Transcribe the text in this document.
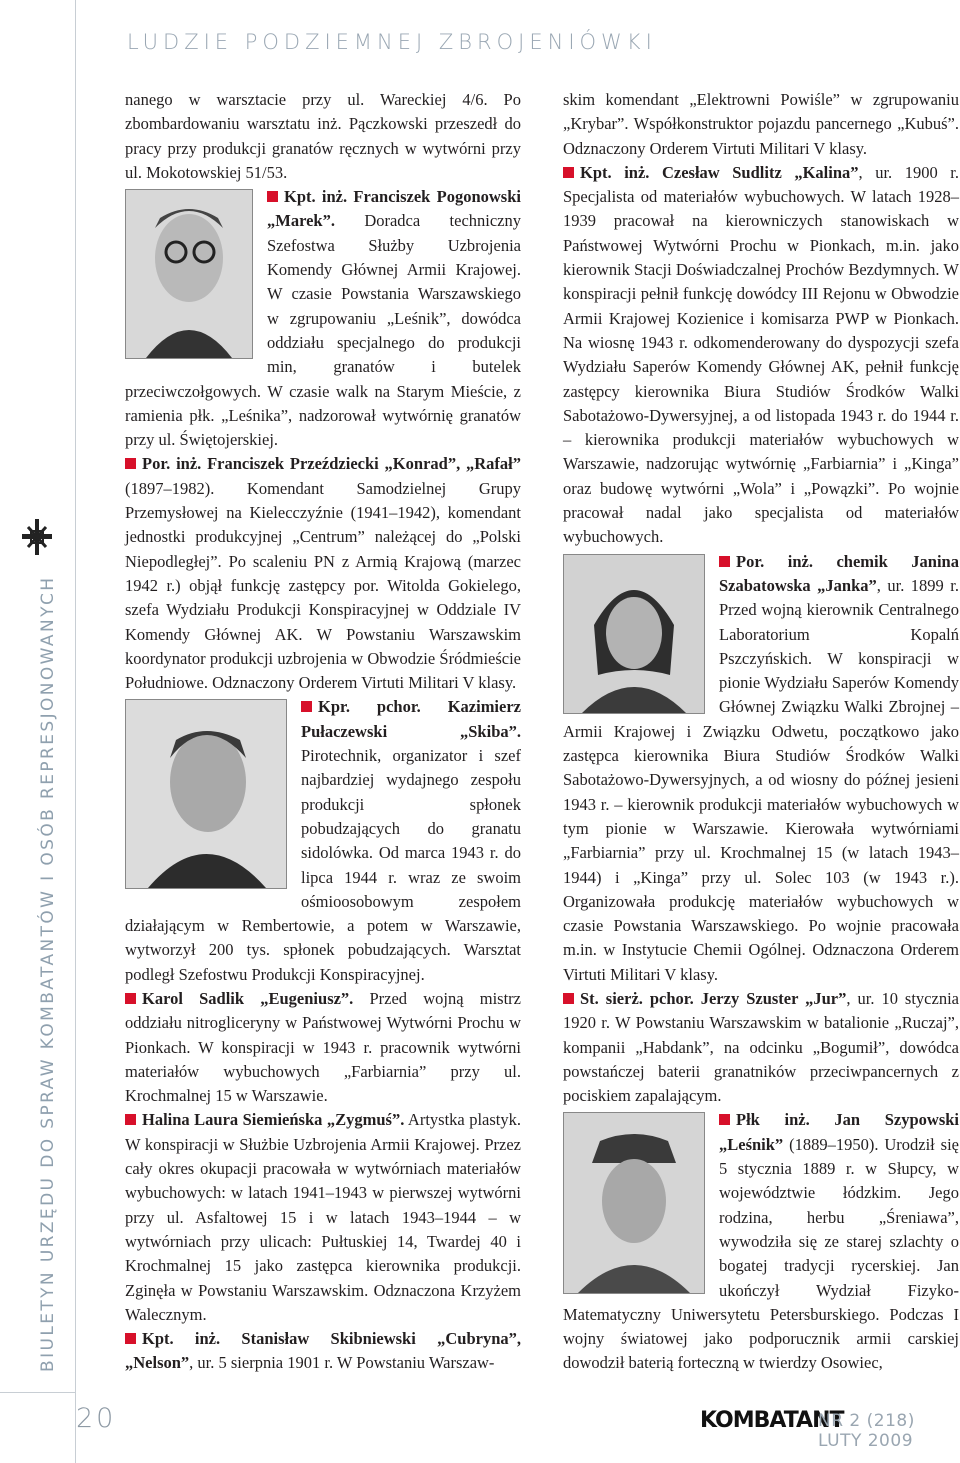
LUDZIE PODZIEMNEJ ZBROJENIÓWKI
BIULETYN URZĘDU DO SPRAW KOMBATANTÓW I OSÓB REPRESJONOWANYCH
20

nanego w warsztacie przy ul. Wareckiej 4/6. Po zbombardowaniu warsztatu inż. Pączkowski przeszedł do pracy przy produkcji granatów ręcznych w wytwórni przy ul. Mokotowskiej 51/53.

Kpt. inż. Franciszek Pogonowski „Marek”. Doradca techniczny Szefostwa Służby Uzbrojenia Komendy Głównej Armii Krajowej. W czasie Powstania Warszawskiego w zgrupowaniu „Leśnik”, dowódca oddziału specjalnego do produkcji min, granatów i butelek przeciwczołgowych. W czasie walk na Starym Mieście, z ramienia płk. „Leśnika”, nadzorował wytwórnię granatów przy ul. Świętojerskiej.

Por. inż. Franciszek Przeździecki „Konrad”, „Rafał” (1897–1982). Komendant Samodzielnej Grupy Przemysłowej na Kielecczyźnie (1941–1942), komendant jednostki produkcyjnej „Centrum” należącej do „Polski Niepodległej”. Po scaleniu PN z Armią Krajową (marzec 1942 r.) objął funkcję zastępcy por. Witolda Gokielego, szefa Wydziału Produkcji Konspiracyjnej w Oddziale IV Komendy Głównej AK. W Powstaniu Warszawskim koordynator produkcji uzbrojenia w Obwodzie Śródmieście Południowe. Odznaczony Orderem Virtuti Militari V klasy.

Kpr. pchor. Kazimierz Pułaczewski „Skiba”. Pirotechnik, organizator i szef najbardziej wydajnego zespołu produkcji spłonek pobudzających do granatu sidolówka. Od marca 1943 r. do lipca 1944 r. wraz ze swoim ośmioosobowym zespołem działającym w Rembertowie, a potem w Warszawie, wytworzył 200 tys. spłonek pobudzających. Warsztat podległ Szefostwu Produkcji Konspiracyjnej.

Karol Sadlik „Eugeniusz”. Przed wojną mistrz oddziału nitrogliceryny w Państwowej Wytwórni Prochu w Pionkach. W konspiracji w 1943 r. pracownik wytwórni materiałów wybuchowych „Farbiarnia” przy ul. Krochmalnej 15 w Warszawie.

Halina Laura Siemieńska „Zygmuś”. Artystka plastyk. W konspiracji w Służbie Uzbrojenia Armii Krajowej. Przez cały okres okupacji pracowała w wytwórniach materiałów wybuchowych: w latach 1941–1943 w pierwszej wytwórni przy ul. Asfaltowej 15 i w latach 1943–1944 – w wytwórniach przy ulicach: Pułtuskiej 14, Twardej 40 i Krochmalnej 15 jako zastępca kierownika produkcji. Zginęła w Powstaniu Warszawskim. Odznaczona Krzyżem Walecznym.

Kpt. inż. Stanisław Skibniewski „Cubryna”, „Nelson”, ur. 5 sierpnia 1901 r. W Powstaniu Warszaw-

skim komendant „Elektrowni Powiśle” w zgrupowaniu „Krybar”. Współkonstruktor pojazdu pancernego „Kubuś”. Odznaczony Orderem Virtuti Militari V klasy.

Kpt. inż. Czesław Sudlitz „Kalina”, ur. 1900 r. Specjalista od materiałów wybuchowych. W latach 1928–1939 pracował na kierowniczych stanowiskach w Państwowej Wytwórni Prochu w Pionkach, m.in. jako kierownik Stacji Doświadczalnej Prochów Bezdymnych. W konspiracji pełnił funkcję dowódcy III Rejonu w Obwodzie Armii Krajowej Kozienice i komisarza PWP w Pionkach. Na wiosnę 1943 r. odkomenderowany do dyspozycji szefa Wydziału Saperów Komendy Głównej AK, pełnił funkcję zastępcy kierownika Biura Studiów Środków Walki Sabotażowo-Dywersyjnej, a od listopada 1943 r. do 1944 r. – kierownika produkcji materiałów wybuchowych w Warszawie, nadzorując wytwórnię „Farbiarnia” i „Kinga” oraz budowę wytwórni „Wola” i „Powązki”. Po wojnie pracował nadal jako specjalista od materiałów wybuchowych.

Por. inż. chemik Janina Szabatowska „Janka”, ur. 1899 r. Przed wojną kierownik Centralnego Laboratorium Kopalń Pszczyńskich. W konspiracji w pionie Wydziału Saperów Komendy Głównej Związku Walki Zbrojnej – Armii Krajowej i Związku Odwetu, początkowo jako zastępca kierownika Biura Studiów Środków Walki Sabotażowo-Dywersyjnych, a od wiosny do późnej jesieni 1943 r. – kierownik produkcji materiałów wybuchowych w tym pionie w Warszawie. Kierowała wytwórniami „Farbiarnia” przy ul. Krochmalnej 15 (w latach 1943–1944) i „Kinga” przy ul. Solec 103 (w 1943 r.). Organizowała produkcję materiałów wybuchowych w czasie Powstania Warszawskiego. Po wojnie pracowała m.in. w Instytucie Chemii Ogólnej. Odznaczona Orderem Virtuti Militari V klasy.

St. sierż. pchor. Jerzy Szuster „Jur”, ur. 10 stycznia 1920 r. W Powstaniu Warszawskim w batalionie „Ruczaj”, kompanii „Habdank”, na odcinku „Bogumił”, dowódca powstańczej baterii granatników przeciwpancernych z pociskiem zapalającym.

Płk inż. Jan Szypowski „Leśnik” (1889–1950). Urodził się 5 stycznia 1889 r. w Słupcy, w województwie łódzkim. Jego rodzina, herbu „Śreniawa”, wywodziła się ze starej szlachty o bogatej tradycji rycerskiej. Jan ukończył Wydział Fizyko-Matematyczny Uniwersytetu Petersburskiego. Podczas I wojny światowej jako podporucznik armii carskiej dowodził baterią forteczną w twierdzy Osowiec,

KOMBATANT
NR 2 (218) LUTY 2009
